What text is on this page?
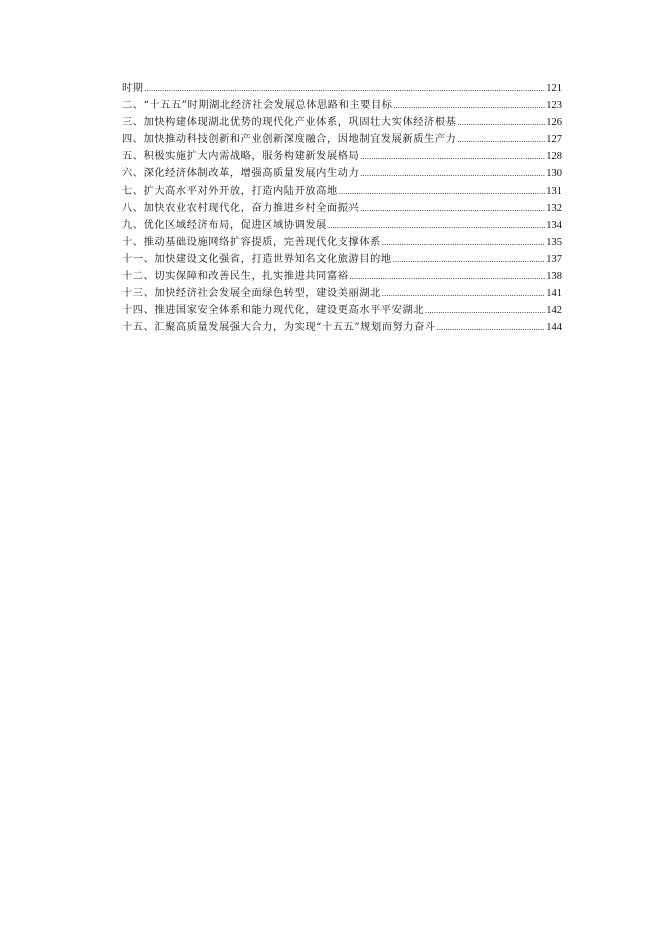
时期 .....	121
二、“十五五”时期湖北经济社会发展总体思路和主要目标 .....	123
三、加快构建体现湖北优势的现代化产业体系，巩固壮大实体经济根基 .....	126
四、加快推动科技创新和产业创新深度融合，因地制宜发展新质生产力 .....	127
五、积极实施扩大内需战略，服务构建新发展格局 .....	128
六、深化经济体制改革，增强高质量发展内生动力 .....	130
七、扩大高水平对外开放，打造内陆开放高地 .....	131
八、加快农业农村现代化，奋力推进乡村全面振兴 .....	132
九、优化区域经济布局，促进区域协调发展 .....	134
十、推动基础设施网络扩容提质，完善现代化支撑体系 .....	135
十一、加快建设文化强省，打造世界知名文化旅游目的地 .....	137
十二、切实保障和改善民生，扎实推进共同富裕 .....	138
十三、加快经济社会发展全面绿色转型，建设美丽湖北 .....	141
十四、推进国家安全体系和能力现代化，建设更高水平平安湖北 .....	142
十五、汇聚高质量发展强大合力，为实现“十五五”规划而努力奋斗 .....	144
